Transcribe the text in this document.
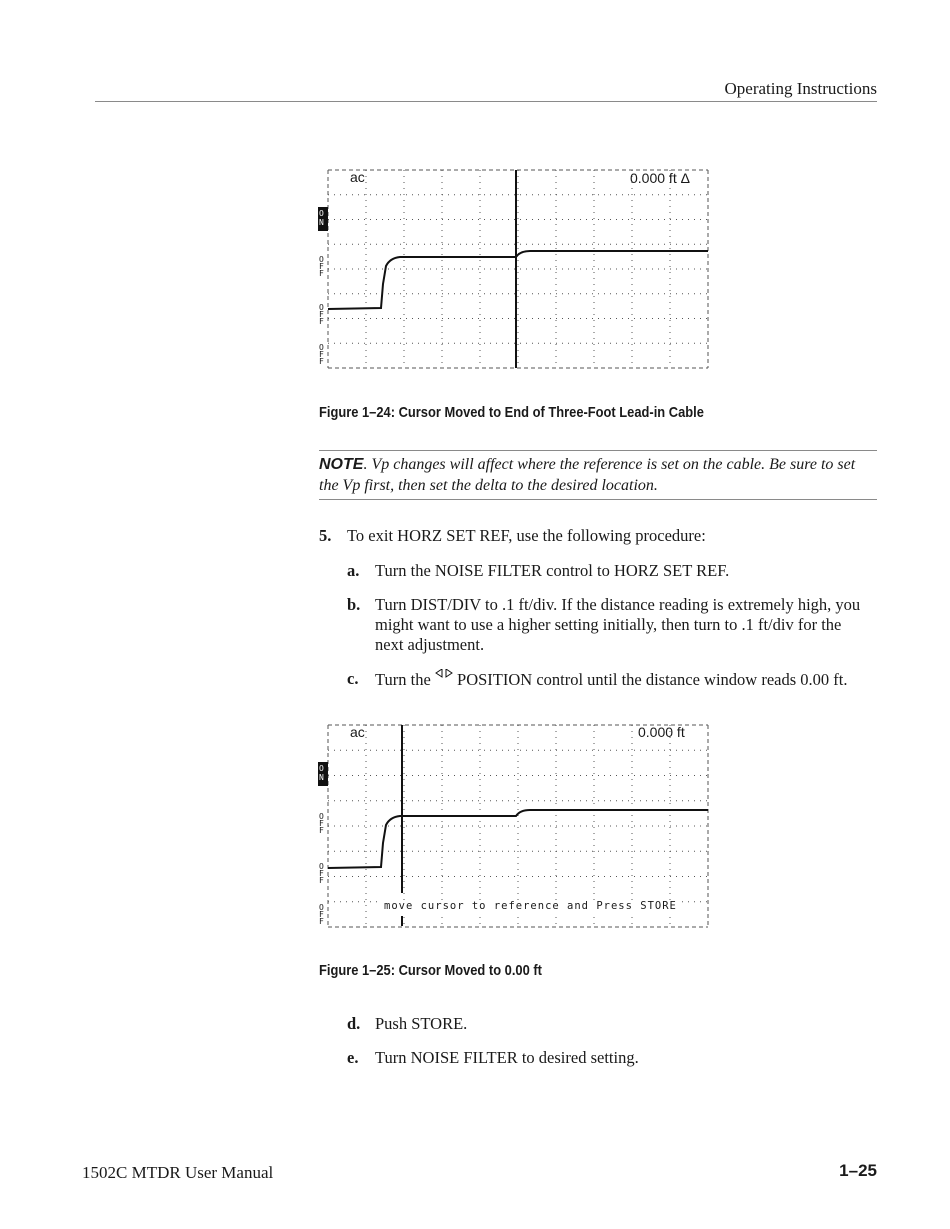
Operating Instructions
ac	0.000 ft Δ
ON
OFF
OFF
OFF
Figure 1–24: Cursor Moved to End of Three-Foot Lead-in Cable
NOTE. Vp changes will affect where the reference is set on the cable. Be sure to set the Vp first, then set the delta to the desired location.
5. To exit HORZ SET REF, use the following procedure:
a. Turn the NOISE FILTER control to HORZ SET REF.
b. Turn DIST/DIV to .1 ft/div. If the distance reading is extremely high, you might want to use a higher setting initially, then turn to .1 ft/div for the next adjustment.
c. Turn the  POSITION control until the distance window reads 0.00 ft.
ac	0.000 ft
ON
OFF
OFF
OFF
move cursor to reference and Press STORE
Figure 1–25: Cursor Moved to 0.00 ft
d. Push STORE.
e. Turn NOISE FILTER to desired setting.
1502C MTDR User Manual	1–25
